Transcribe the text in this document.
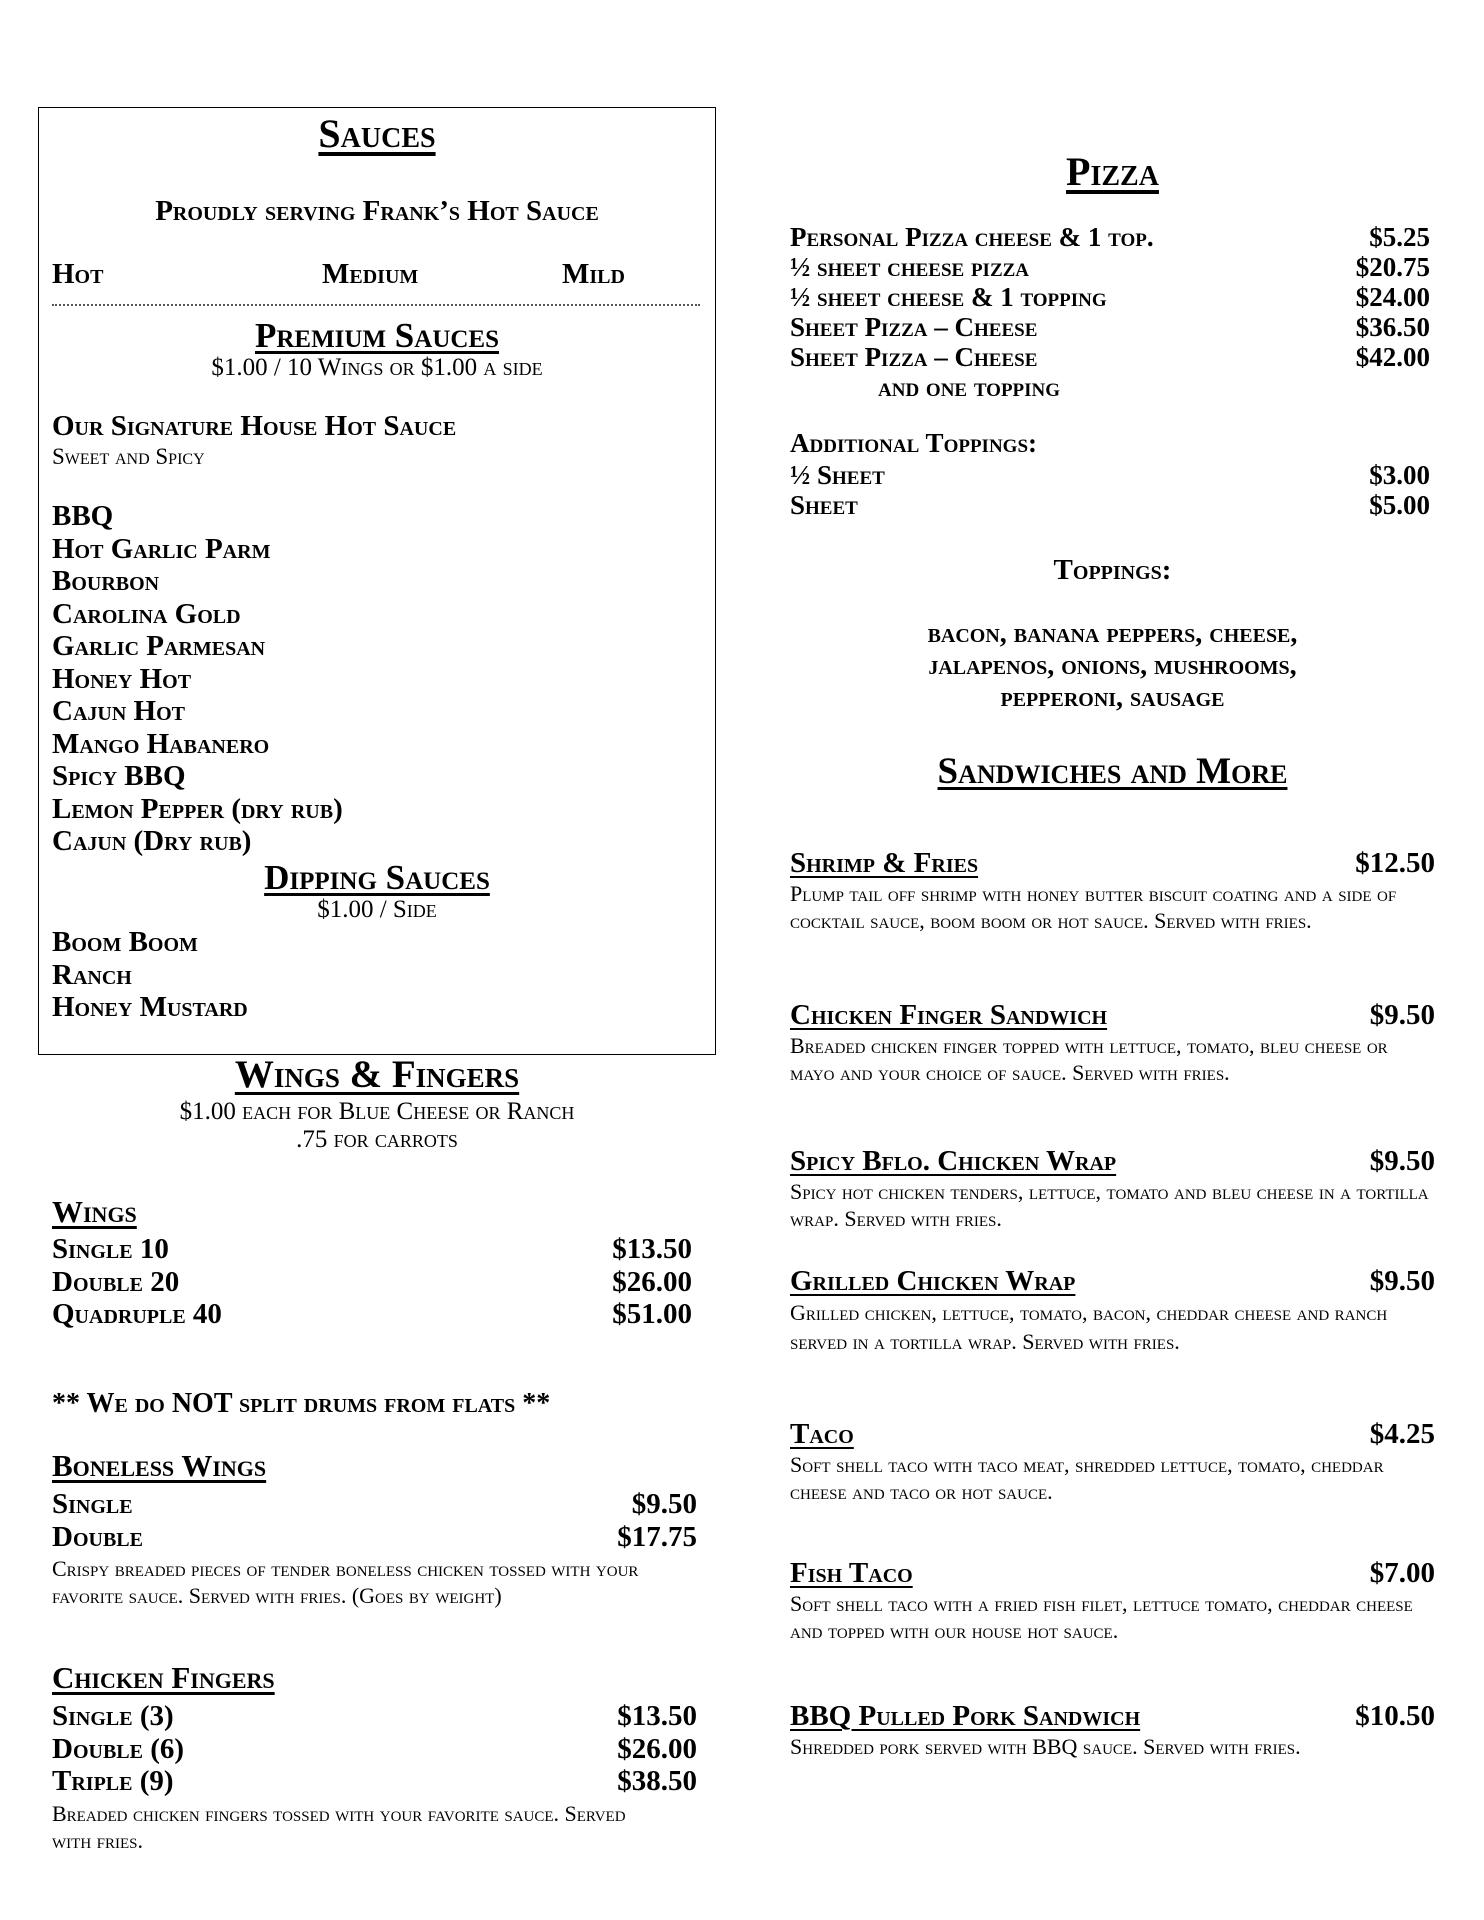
Sauces
Proudly serving Frank’s Hot Sauce
Hot	Medium	Mild
Premium Sauces
$1.00 / 10 Wings or $1.00 a side
Our Signature House Hot Sauce
Sweet and Spicy
BBQ
Hot Garlic Parm
Bourbon
Carolina Gold
Garlic Parmesan
Honey Hot
Cajun Hot
Mango Habanero
Spicy BBQ
Lemon Pepper (dry rub)
Cajun (Dry rub)
Dipping Sauces
$1.00 / Side
Boom Boom
Ranch
Honey Mustard
Wings & Fingers
$1.00 each for Blue Cheese or Ranch
.75 for carrots
Wings
Single 10	$13.50
Double 20	$26.00
Quadruple 40	$51.00
** We do NOT split drums from flats **
Boneless Wings
Single	$9.50
Double	$17.75
Crispy breaded pieces of tender boneless chicken tossed with your favorite sauce. Served with fries. (Goes by weight)
Chicken Fingers
Single (3)	$13.50
Double (6)	$26.00
Triple (9)	$38.50
Breaded chicken fingers tossed with your favorite sauce. Served with fries.
Pizza
Personal Pizza cheese & 1 top.	$5.25
½ sheet cheese pizza	$20.75
½ sheet cheese & 1 topping	$24.00
Sheet Pizza – Cheese	$36.50
Sheet Pizza – Cheese	$42.00
and one topping
Additional Toppings:
½ Sheet	$3.00
Sheet	$5.00
Toppings:
bacon, banana peppers, cheese,
jalapenos, onions, mushrooms,
pepperoni, sausage
Sandwiches and More
Shrimp & Fries	$12.50
Plump tail off shrimp with honey butter biscuit coating and a side of cocktail sauce, boom boom or hot sauce. Served with fries.
Chicken Finger Sandwich	$9.50
Breaded chicken finger topped with lettuce, tomato, bleu cheese or mayo and your choice of sauce. Served with fries.
Spicy Bflo. Chicken Wrap	$9.50
Spicy hot chicken tenders, lettuce, tomato and bleu cheese in a tortilla wrap. Served with fries.
Grilled Chicken Wrap	$9.50
Grilled chicken, lettuce, tomato, bacon, cheddar cheese and ranch served in a tortilla wrap. Served with fries.
Taco	$4.25
Soft shell taco with taco meat, shredded lettuce, tomato, cheddar cheese and taco or hot sauce.
Fish Taco	$7.00
Soft shell taco with a fried fish filet, lettuce tomato, cheddar cheese and topped with our house hot sauce.
BBQ Pulled Pork Sandwich	$10.50
Shredded pork served with BBQ sauce. Served with fries.
